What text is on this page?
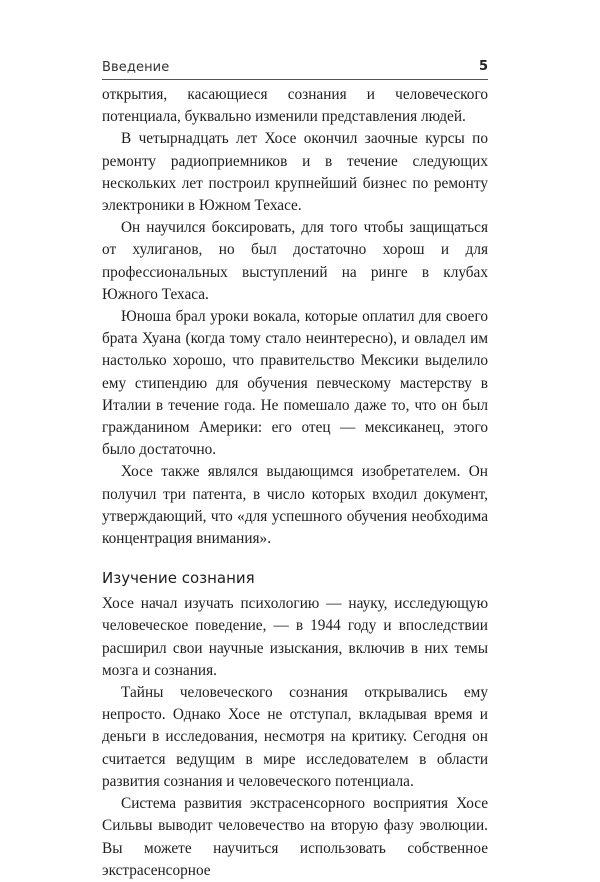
Введение	5

открытия, касающиеся сознания и человеческого потенциала, буквально изменили представления людей.

В четырнадцать лет Хосе окончил заочные курсы по ремонту радиоприемников и в течение следующих нескольких лет построил крупнейший бизнес по ремонту электроники в Южном Техасе.

Он научился боксировать, для того чтобы защищаться от хулиганов, но был достаточно хорош и для профессиональных выступлений на ринге в клубах Южного Техаса.

Юноша брал уроки вокала, которые оплатил для своего брата Хуана (когда тому стало неинтересно), и овладел им настолько хорошо, что правительство Мексики выделило ему стипендию для обучения певческому мастерству в Италии в течение года. Не помешало даже то, что он был гражданином Америки: его отец — мексиканец, этого было достаточно.

Хосе также являлся выдающимся изобретателем. Он получил три патента, в число которых входил документ, утверждающий, что «для успешного обучения необходима концентрация внимания».

Изучение сознания

Хосе начал изучать психологию — науку, исследующую человеческое поведение, — в 1944 году и впоследствии расширил свои научные изыскания, включив в них темы мозга и сознания.

Тайны человеческого сознания открывались ему непросто. Однако Хосе не отступал, вкладывая время и деньги в исследования, несмотря на критику. Сегодня он считается ведущим в мире исследователем в области развития сознания и человеческого потенциала.

Система развития экстрасенсорного восприятия Хосе Сильвы выводит человечество на вторую фазу эволюции. Вы можете научиться использовать собственное экстрасенсорное
